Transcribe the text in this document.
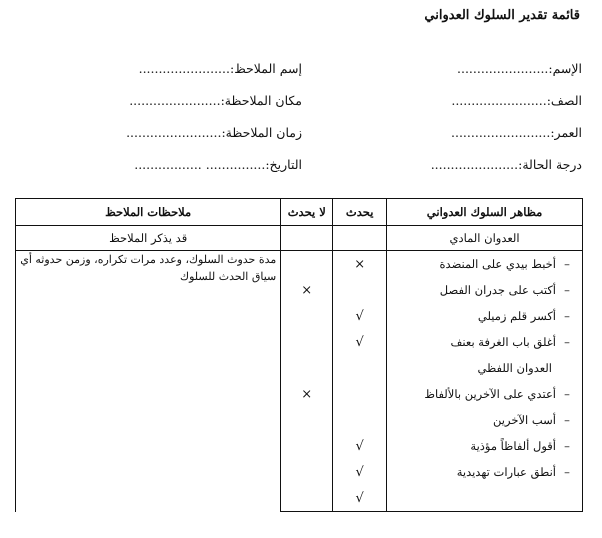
قائمة تقدير السلوك العدواني
الإسم:.......................
إسم الملاحظ:.......................
الصف:........................
مكان الملاحظة:.......................
العمر:.........................
زمان الملاحظة:........................
درجة الحالة:......................
التاريخ:............... .................
مظاهر السلوك العدواني	يحدث	لا يحدث	ملاحظات الملاحظ
العدوان المادي			قد يذكر الملاحظ
–أخبط بيدي على المنضدة	×		مدة حدوث السلوك، وعدد مرات تكراره، وزمن حدوثه أي سياق الحدث للسلوك
–أكتب على جدران الفصل		×	
–أكسر قلم زميلي	√		
–أغلق باب الغرفة بعنف	√		
العدوان اللفظي			
–أعتدي على الآخرين بالألفاظ		×	
–أسب الآخرين			
–أقول ألفاظاً مؤذية	√		
–أنطق عبارات تهديدية	√		
	√		
